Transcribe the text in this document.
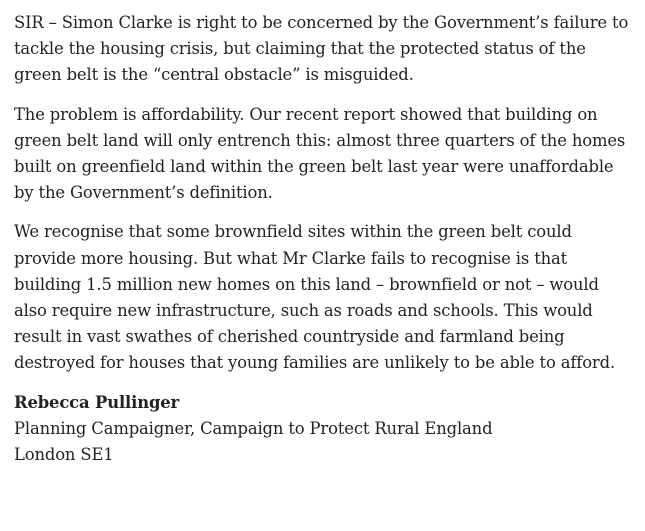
SIR – Simon Clarke is right to be concerned by the Government’s failure to tackle the housing crisis, but claiming that the protected status of the green belt is the “central obstacle” is misguided.

The problem is affordability. Our recent report showed that building on green belt land will only entrench this: almost three quarters of the homes built on greenfield land within the green belt last year were unaffordable by the Government’s definition.

We recognise that some brownfield sites within the green belt could provide more housing. But what Mr Clarke fails to recognise is that building 1.5 million new homes on this land – brownfield or not – would also require new infrastructure, such as roads and schools. This would result in vast swathes of cherished countryside and farmland being destroyed for houses that young families are unlikely to be able to afford.

Rebecca Pullinger
Planning Campaigner, Campaign to Protect Rural England
London SE1
